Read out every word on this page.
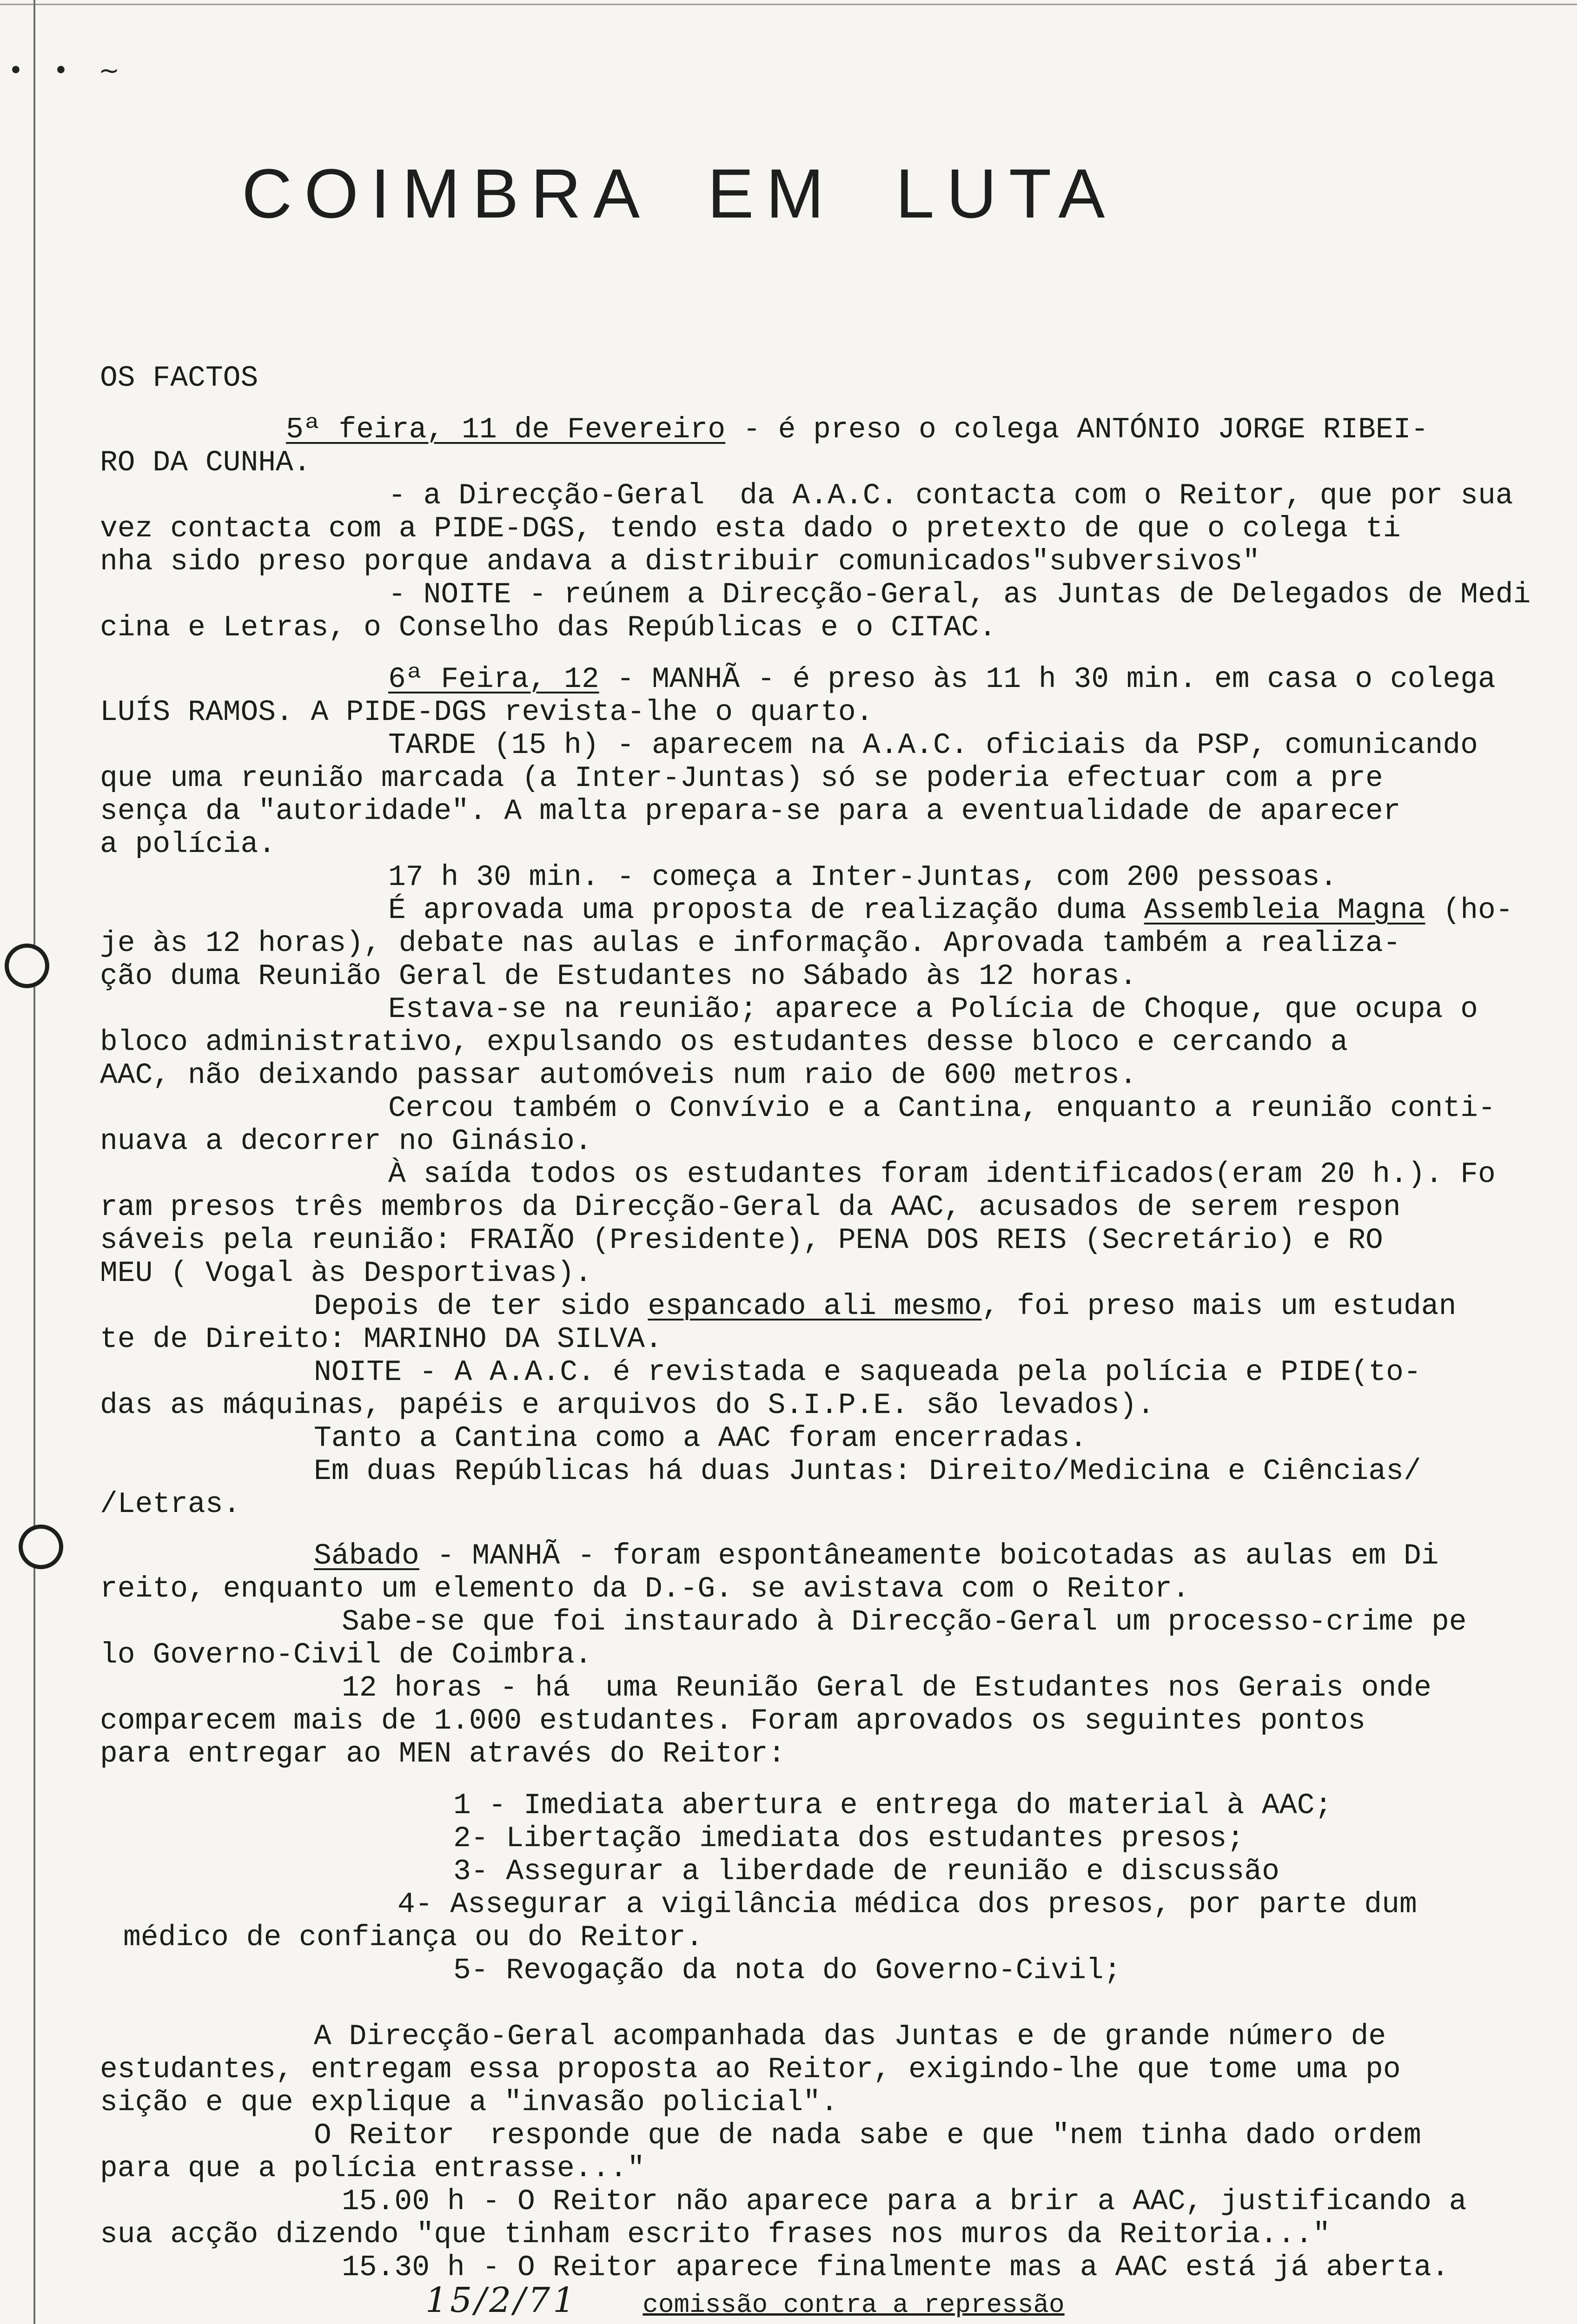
• • ~
COIMBRA EM LUTA
OS FACTOS
5ª feira, 11 de Fevereiro - é preso o colega ANTÓNIO JORGE RIBEI-
RO DA CUNHA.
- a Direcção-Geral  da A.A.C. contacta com o Reitor, que por sua
vez contacta com a PIDE-DGS, tendo esta dado o pretexto de que o colega ti
nha sido preso porque andava a distribuir comunicados"subversivos"
- NOITE - reúnem a Direcção-Geral, as Juntas de Delegados de Medi
cina e Letras, o Conselho das Repúblicas e o CITAC.
6ª Feira, 12 - MANHÃ - é preso às 11 h 30 min. em casa o colega
LUÍS RAMOS. A PIDE-DGS revista-lhe o quarto.
TARDE (15 h) - aparecem na A.A.C. oficiais da PSP, comunicando
que uma reunião marcada (a Inter-Juntas) só se poderia efectuar com a pre
sença da "autoridade". A malta prepara-se para a eventualidade de aparecer
a polícia.
17 h 30 min. - começa a Inter-Juntas, com 200 pessoas.
É aprovada uma proposta de realização duma Assembleia Magna (ho-
je às 12 horas), debate nas aulas e informação. Aprovada também a realiza-
ção duma Reunião Geral de Estudantes no Sábado às 12 horas.
Estava-se na reunião; aparece a Polícia de Choque, que ocupa o
bloco administrativo, expulsando os estudantes desse bloco e cercando a
AAC, não deixando passar automóveis num raio de 600 metros.
Cercou também o Convívio e a Cantina, enquanto a reunião conti-
nuava a decorrer no Ginásio.
À saída todos os estudantes foram identificados(eram 20 h.). Fo
ram presos três membros da Direcção-Geral da AAC, acusados de serem respon
sáveis pela reunião: FRAIÃO (Presidente), PENA DOS REIS (Secretário) e RO
MEU ( Vogal às Desportivas).
Depois de ter sido espancado ali mesmo, foi preso mais um estudan
te de Direito: MARINHO DA SILVA.
NOITE - A A.A.C. é revistada e saqueada pela polícia e PIDE(to-
das as máquinas, papéis e arquivos do S.I.P.E. são levados).
Tanto a Cantina como a AAC foram encerradas.
Em duas Repúblicas há duas Juntas: Direito/Medicina e Ciências/
/Letras.
Sábado - MANHÃ - foram espontâneamente boicotadas as aulas em Di
reito, enquanto um elemento da D.-G. se avistava com o Reitor.
Sabe-se que foi instaurado à Direcção-Geral um processo-crime pe
lo Governo-Civil de Coimbra.
12 horas - há  uma Reunião Geral de Estudantes nos Gerais onde
comparecem mais de 1.000 estudantes. Foram aprovados os seguintes pontos
para entregar ao MEN através do Reitor:
1 - Imediata abertura e entrega do material à AAC;
2- Libertação imediata dos estudantes presos;
3- Assegurar a liberdade de reunião e discussão
4- Assegurar a vigilância médica dos presos, por parte dum
médico de confiança ou do Reitor.
5- Revogação da nota do Governo-Civil;
A Direcção-Geral acompanhada das Juntas e de grande número de
estudantes, entregam essa proposta ao Reitor, exigindo-lhe que tome uma po
sição e que explique a "invasão policial".
O Reitor  responde que de nada sabe e que "nem tinha dado ordem
para que a polícia entrasse..."
15.00 h - O Reitor não aparece para a brir a AAC, justificando a
sua acção dizendo "que tinham escrito frases nos muros da Reitoria..."
15.30 h - O Reitor aparece finalmente mas a AAC está já aberta.
15/2/71	comissão contra a repressão
